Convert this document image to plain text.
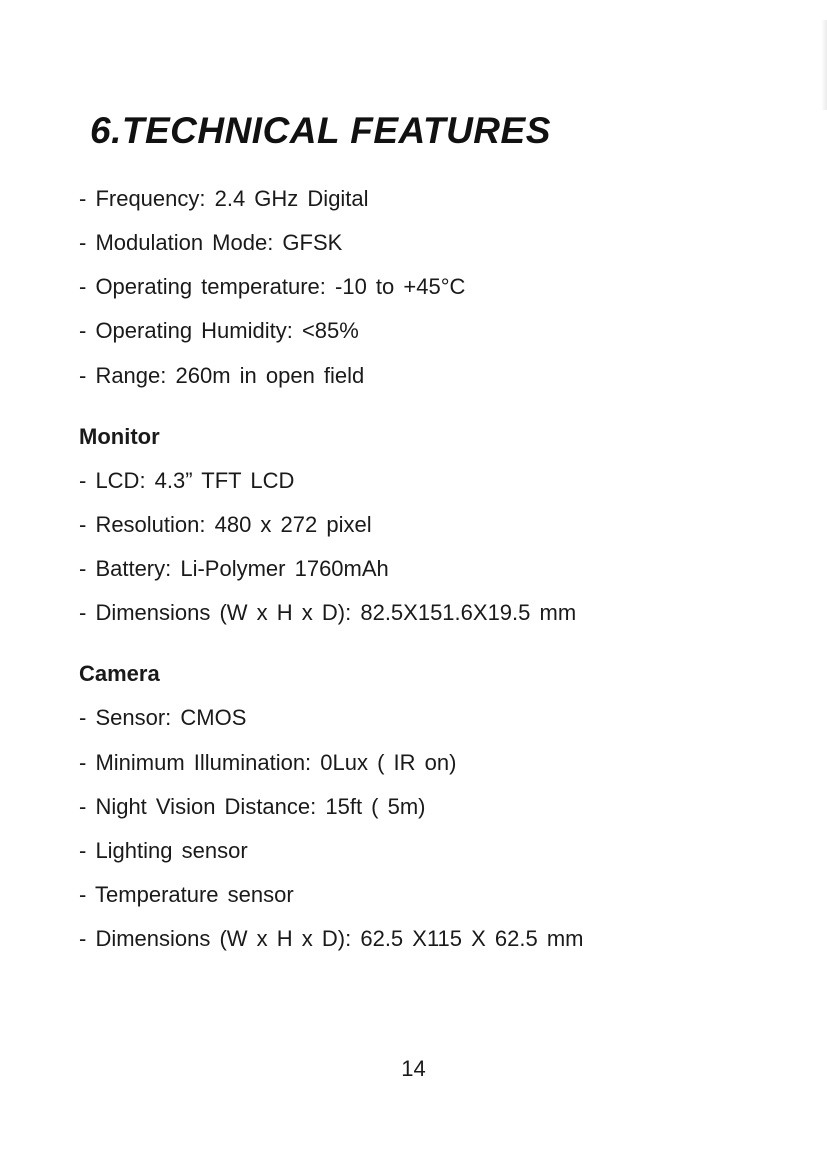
6.TECHNICAL FEATURES

- Frequency: 2.4 GHz Digital

- Modulation Mode: GFSK

- Operating temperature: -10 to +45°C

- Operating Humidity: <85%

- Range: 260m in open field

Monitor

- LCD: 4.3” TFT LCD

- Resolution: 480 x 272 pixel

- Battery: Li-Polymer 1760mAh

- Dimensions (W x H x D): 82.5X151.6X19.5 mm

Camera

- Sensor: CMOS

- Minimum Illumination: 0Lux ( IR on)

- Night Vision Distance: 15ft ( 5m)

- Lighting sensor

- Temperature sensor

- Dimensions (W x H x D): 62.5 X115 X 62.5 mm

14
